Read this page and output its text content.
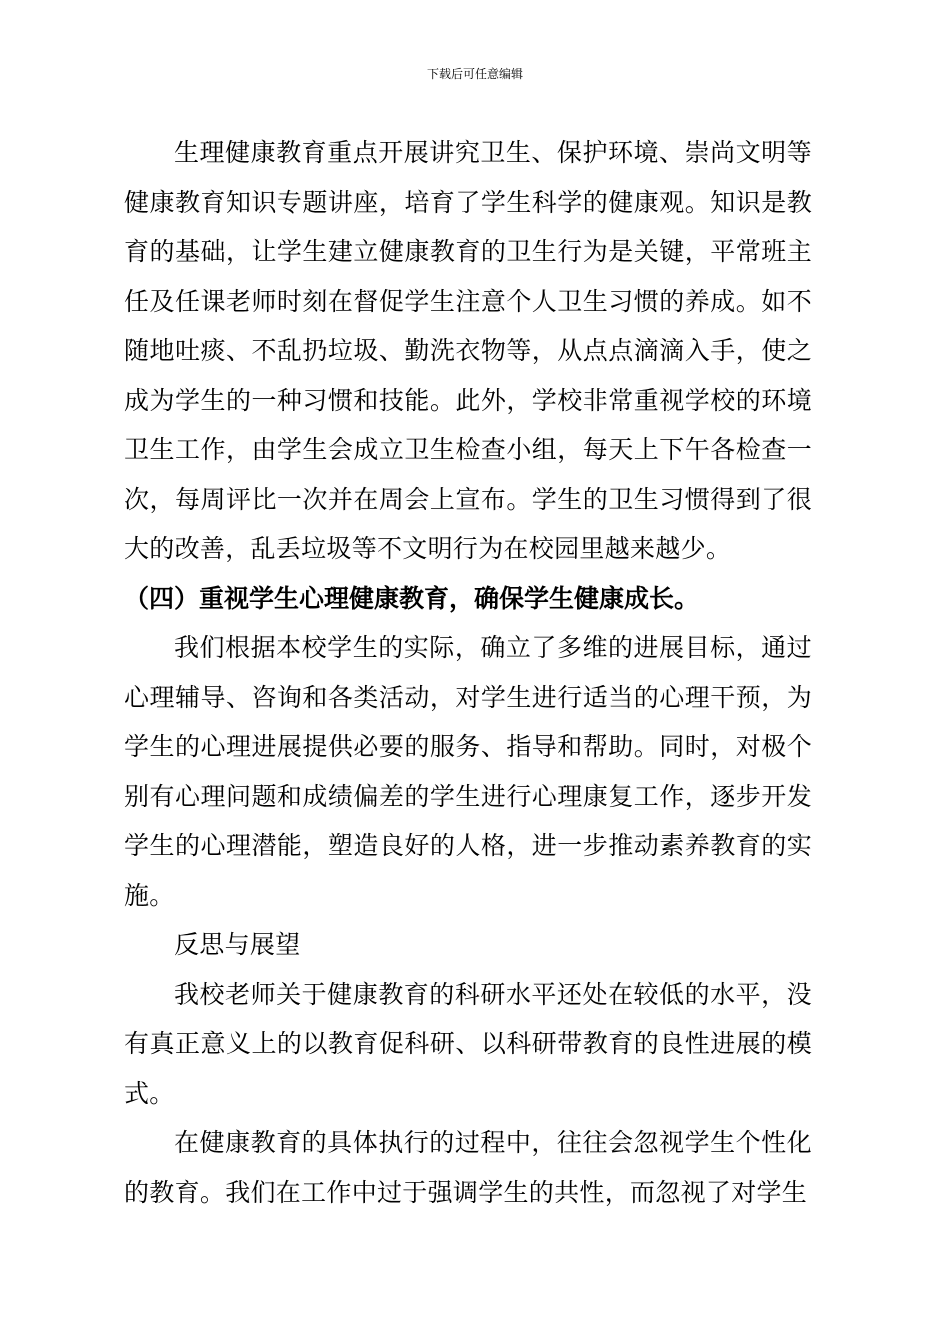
下载后可任意编辑

生理健康教育重点开展讲究卫生、保护环境、崇尚文明等健康教育知识专题讲座，培育了学生科学的健康观。知识是教育的基础，让学生建立健康教育的卫生行为是关键，平常班主任及任课老师时刻在督促学生注意个人卫生习惯的养成。如不随地吐痰、不乱扔垃圾、勤洗衣物等，从点点滴滴入手，使之成为学生的一种习惯和技能。此外，学校非常重视学校的环境卫生工作，由学生会成立卫生检查小组，每天上下午各检查一次，每周评比一次并在周会上宣布。学生的卫生习惯得到了很大的改善，乱丢垃圾等不文明行为在校园里越来越少。

（四）重视学生心理健康教育，确保学生健康成长。

我们根据本校学生的实际，确立了多维的进展目标，通过心理辅导、咨询和各类活动，对学生进行适当的心理干预，为学生的心理进展提供必要的服务、指导和帮助。同时，对极个别有心理问题和成绩偏差的学生进行心理康复工作，逐步开发学生的心理潜能，塑造良好的人格，进一步推动素养教育的实施。

反思与展望

我校老师关于健康教育的科研水平还处在较低的水平，没有真正意义上的以教育促科研、以科研带教育的良性进展的模式。

在健康教育的具体执行的过程中，往往会忽视学生个性化的教育。我们在工作中过于强调学生的共性，而忽视了对学生
